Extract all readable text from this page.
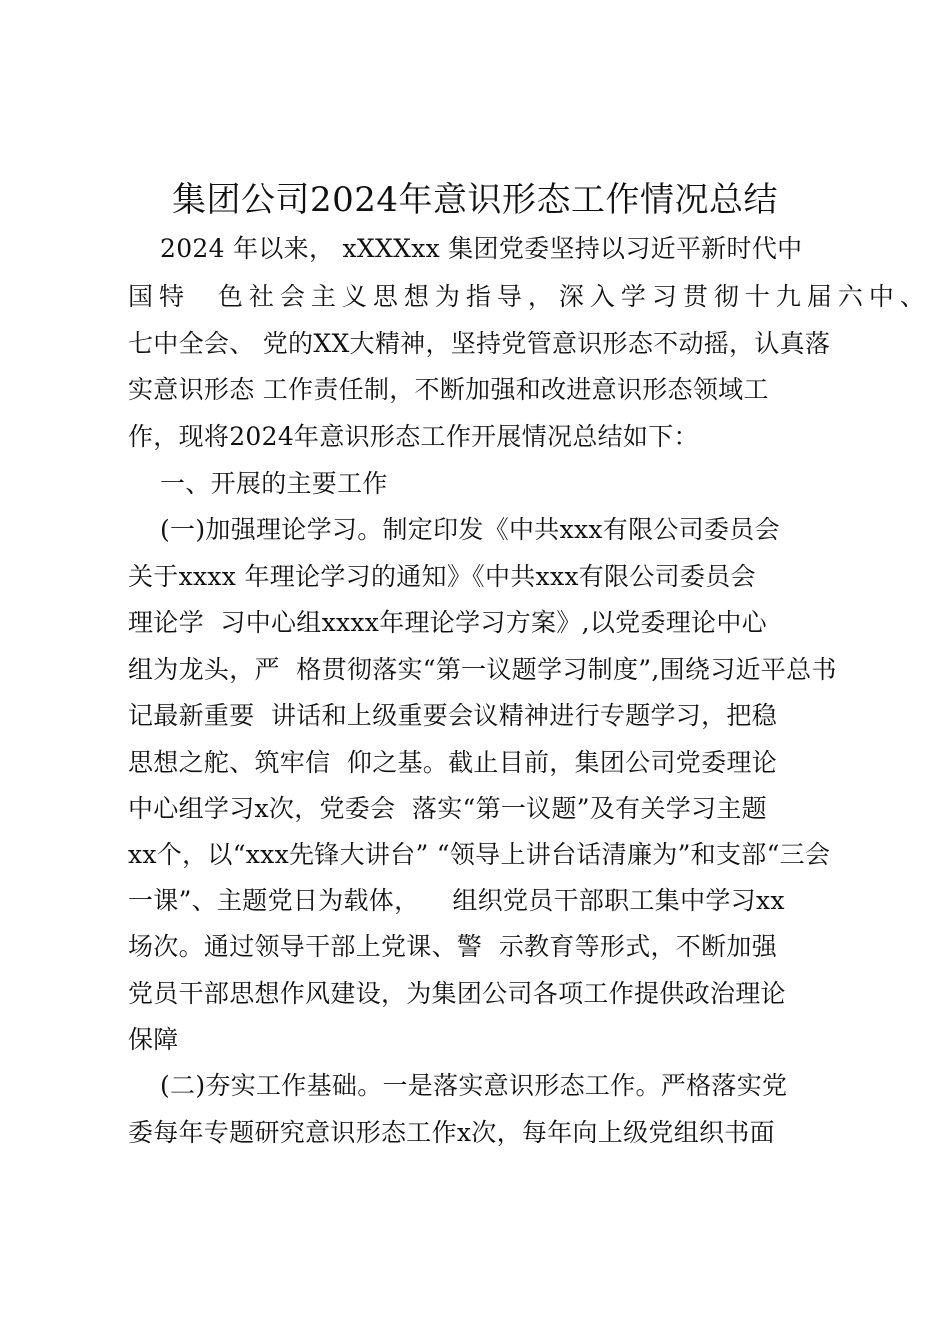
集团公司2024年意识形态工作情况总结
2024 年以来， xXXXxx 集团党委坚持以习近平新时代中
国特  色社会主义思想为指导，深入学习贯彻十九届六中、
七中全会、 党的XX大精神，坚持党管意识形态不动摇，认真落
实意识形态 工作责任制，不断加强和改进意识形态领域工
作，现将2024年意识形态工作开展情况总结如下：
一、开展的主要工作
(一)加强理论学习。制定印发《中共xxx有限公司委员会
关于xxxx 年理论学习的通知》《中共xxx有限公司委员会
理论学  习中心组xxxx年理论学习方案》,以党委理论中心
组为龙头，严  格贯彻落实“第一议题学习制度”,围绕习近平总书
记最新重要  讲话和上级重要会议精神进行专题学习，把稳
思想之舵、筑牢信  仰之基。截止目前，集团公司党委理论
中心组学习x次，党委会  落实“第一议题”及有关学习主题
xx个，以“xxx先锋大讲台” “领导上讲台话清廉为”和支部“三会
一课”、主题党日为载体，    组织党员干部职工集中学习xx
场次。通过领导干部上党课、警  示教育等形式，不断加强
党员干部思想作风建设，为集团公司各项工作提供政治理论
保障
(二)夯实工作基础。一是落实意识形态工作。严格落实党
委每年专题研究意识形态工作x次，每年向上级党组织书面
